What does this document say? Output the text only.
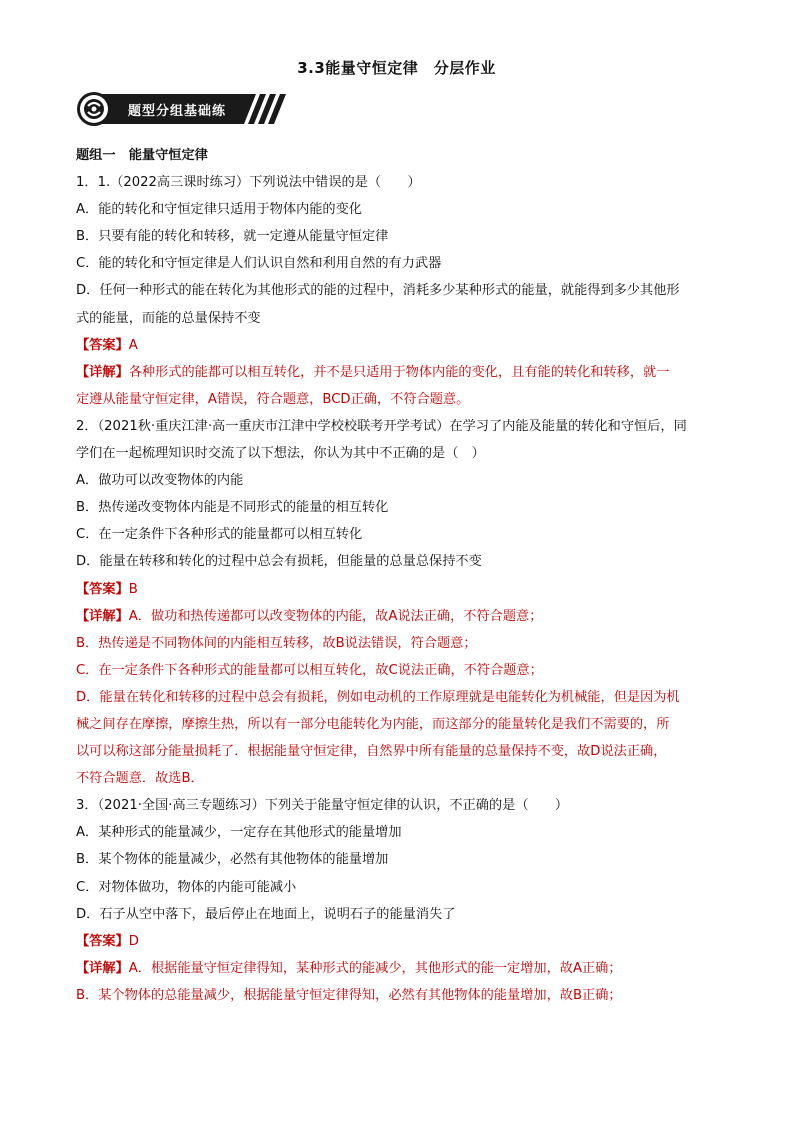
3.3能量守恒定律　分层作业
题型分组基础练
题组一　能量守恒定律
1．1.（2022高三课时练习）下列说法中错误的是（　　）
A．能的转化和守恒定律只适用于物体内能的变化
B．只要有能的转化和转移，就一定遵从能量守恒定律
C．能的转化和守恒定律是人们认识自然和利用自然的有力武器
D．任何一种形式的能在转化为其他形式的能的过程中，消耗多少某种形式的能量，就能得到多少其他形
式的能量，而能的总量保持不变
【答案】A
【详解】各种形式的能都可以相互转化，并不是只适用于物体内能的变化，且有能的转化和转移，就一
定遵从能量守恒定律，A错误，符合题意，BCD正确，不符合题意。
2．（2021秋·重庆江津·高一重庆市江津中学校校联考开学考试）在学习了内能及能量的转化和守恒后，同
学们在一起梳理知识时交流了以下想法，你认为其中不正确的是（　）
A．做功可以改变物体的内能
B．热传递改变物体内能是不同形式的能量的相互转化
C．在一定条件下各种形式的能量都可以相互转化
D．能量在转移和转化的过程中总会有损耗，但能量的总量总保持不变
【答案】B
【详解】A．做功和热传递都可以改变物体的内能，故A说法正确，不符合题意；
B．热传递是不同物体间的内能相互转移，故B说法错误，符合题意；
C．在一定条件下各种形式的能量都可以相互转化，故C说法正确，不符合题意；
D．能量在转化和转移的过程中总会有损耗，例如电动机的工作原理就是电能转化为机械能，但是因为机
械之间存在摩擦，摩擦生热，所以有一部分电能转化为内能，而这部分的能量转化是我们不需要的，所
以可以称这部分能量损耗了．根据能量守恒定律，自然界中所有能量的总量保持不变，故D说法正确，
不符合题意．故选B．
3．（2021·全国·高三专题练习）下列关于能量守恒定律的认识，不正确的是（　　）
A．某种形式的能量减少，一定存在其他形式的能量增加
B．某个物体的能量减少，必然有其他物体的能量增加
C．对物体做功，物体的内能可能减小
D．石子从空中落下，最后停止在地面上，说明石子的能量消失了
【答案】D
【详解】A．根据能量守恒定律得知，某种形式的能减少，其他形式的能一定增加，故A正确；
B．某个物体的总能量减少，根据能量守恒定律得知，必然有其他物体的能量增加，故B正确；
